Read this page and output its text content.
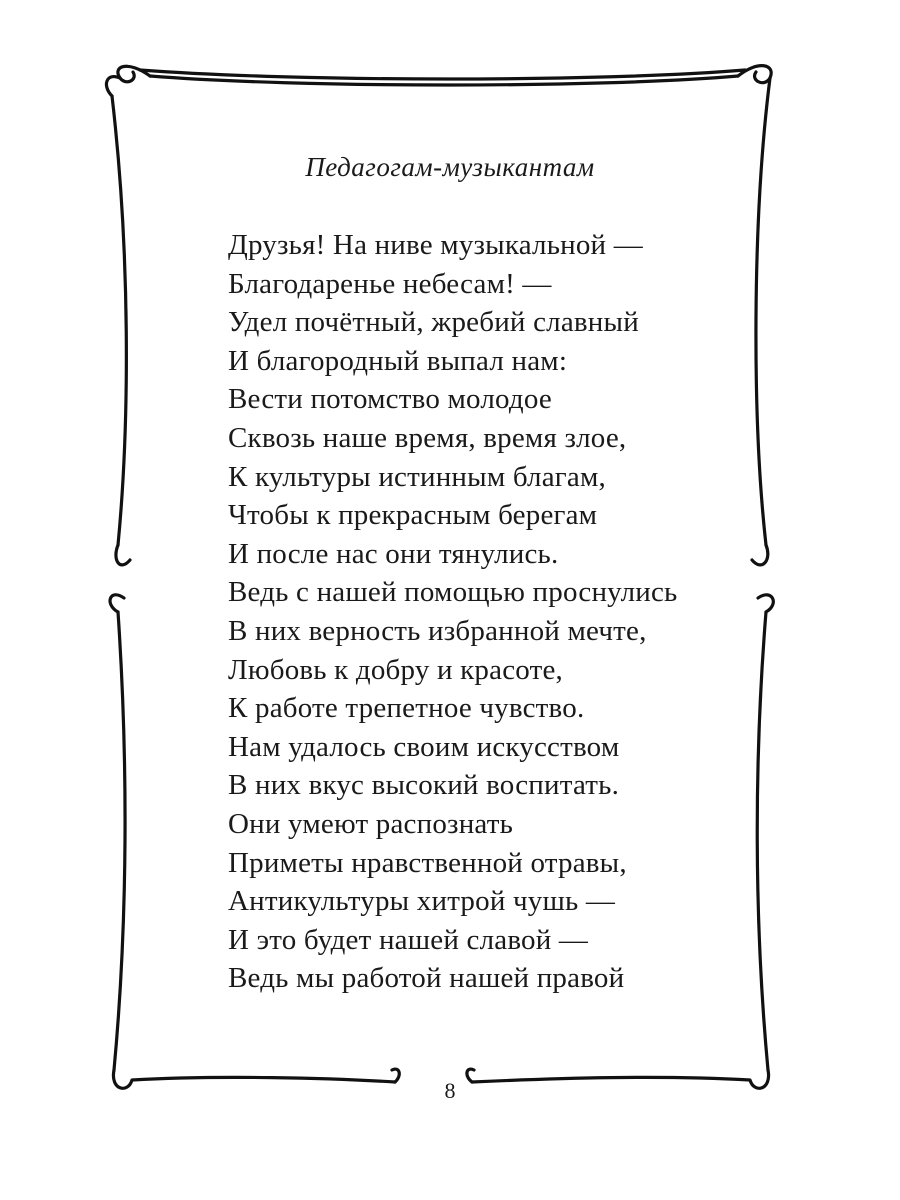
Педагогам-музыкантам
Друзья! На ниве музыкальной —
Благодаренье небесам! —
Удел почётный, жребий славный
И благородный выпал нам:
Вести потомство молодое
Сквозь наше время, время злое,
К культуры истинным благам,
Чтобы к прекрасным берегам
И после нас они тянулись.
Ведь с нашей помощью проснулись
В них верность избранной мечте,
Любовь к добру и красоте,
К работе трепетное чувство.
Нам удалось своим искусством
В них вкус высокий воспитать.
Они умеют распознать
Приметы нравственной отравы,
Антикультуры хитрой чушь —
И это будет нашей славой —
Ведь мы работой нашей правой
8
